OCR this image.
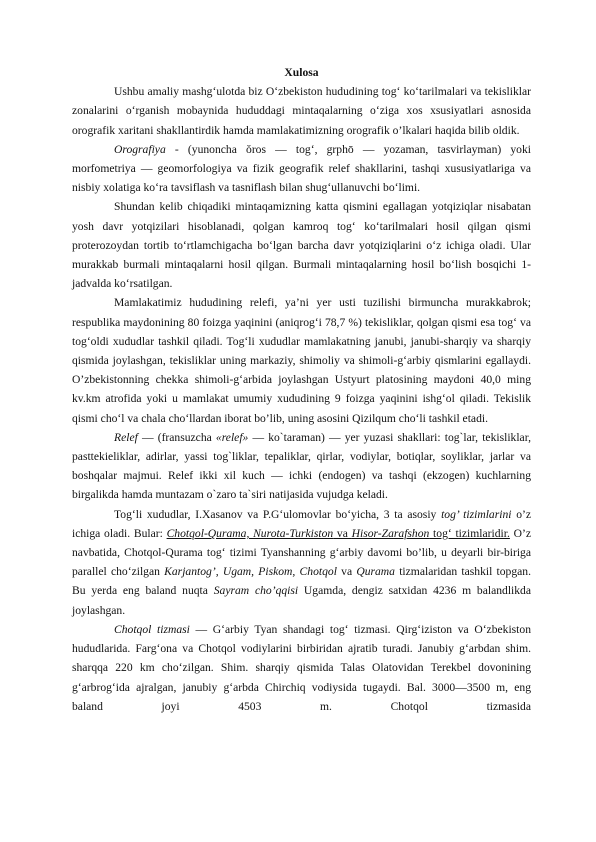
Xulosa

Ushbu amaliy mashg‘ulotda biz O‘zbekiston hududining tog‘ ko‘tarilmalari va tekisliklar zonalarini o‘rganish mobaynida hududdagi mintaqalarning o‘ziga xos xsusiyatlari asnosida orografik xaritani shakllantirdik hamda mamlakatimizning orografik o’lkalari haqida bilib oldik.

Orografiya - (yunoncha ŏros — tog‘, grphō — yozaman, tasvirlayman) yoki morfometriya — geomorfologiya va fizik geografik relef shakllarini, tashqi xususiyatlariga va nisbiy xolatiga ko‘ra tavsiflash va tasniflash bilan shug‘ullanuvchi bo‘limi.

Shundan kelib chiqadiki mintaqamizning katta qismini egallagan yotqiziqlar nisabatan yosh davr yotqizilari hisoblanadi, qolgan kamroq tog‘ ko‘tarilmalari hosil qilgan qismi proterozoydan tortib to‘rtlamchigacha bo‘lgan barcha davr yotqiziqlarini o‘z ichiga oladi. Ular murakkab burmali mintaqalarni hosil qilgan. Burmali mintaqalarning hosil bo‘lish bosqichi 1-jadvalda ko‘rsatilgan.

Mamlakatimiz hududining relefi, ya’ni yer usti tuzilishi birmuncha murakkabrok; respublika maydonining 80 foizga yaqinini (aniqrog‘i 78,7 %) tekisliklar, qolgan qismi esa tog‘ va tog‘oldi xududlar tashkil qiladi. Tog‘li xududlar mamlakatning janubi, janubi-sharqiy va sharqiy qismida joylashgan, tekisliklar uning markaziy, shimoliy va shimoli-g‘arbiy qismlarini egallaydi. O’zbekistonning chekka shimoli-g‘arbida joylashgan Ustyurt platosining maydoni 40,0 ming kv.km atrofida yoki u mamlakat umumiy xududining 9 foizga yaqinini ishg‘ol qiladi. Tekislik qismi cho‘l va chala cho‘llardan iborat bo’lib, uning asosini Qizilqum cho‘li tashkil etadi.

Relef — (fransuzcha «relef» — ko`taraman) — yer yuzasi shakllari: tog`lar, tekisliklar, pasttekieliklar, adirlar, yassi tog`liklar, tepaliklar, qirlar, vodiylar, botiqlar, soyliklar, jarlar va boshqalar majmui. Relef ikki xil kuch — ichki (endogen) va tashqi (ekzogen) kuchlarning birgalikda hamda muntazam o`zaro ta`siri natijasida vujudga keladi.

Tog‘li xududlar, I.Xasanov va P.G‘ulomovlar bo‘yicha, 3 ta asosiy tog’ tizimlarini o’z ichiga oladi. Bular: Chotqol-Qurama, Nurota-Turkiston va Hisor-Zarafshon tog‘ tizimlaridir. O’z navbatida, Chotqol-Qurama tog‘ tizimi Tyanshanning g‘arbiy davomi bo’lib, u deyarli bir-biriga parallel cho‘zilgan Karjantog’, Ugam, Piskom, Chotqol va Qurama tizmalaridan tashkil topgan. Bu yerda eng baland nuqta Sayram cho’qqisi Ugamda, dengiz satxidan 4236 m balandlikda joylashgan.

Chotqol tizmasi — G‘arbiy Tyan shandagi tog‘ tizmasi. Qirg‘iziston va O‘zbekiston hududlarida. Farg‘ona va Chotqol vodiylarini birbiridan ajratib turadi. Janubiy g‘arbdan shim. sharqqa 220 km cho‘zilgan. Shim. sharqiy qismida Talas Olatovidan Terekbel dovonining g‘arbrog‘ida ajralgan, janubiy g‘arbda Chirchiq vodiysida tugaydi. Bal. 3000—3500 m, eng baland joyi 4503 m. Chotqol tizmasida
